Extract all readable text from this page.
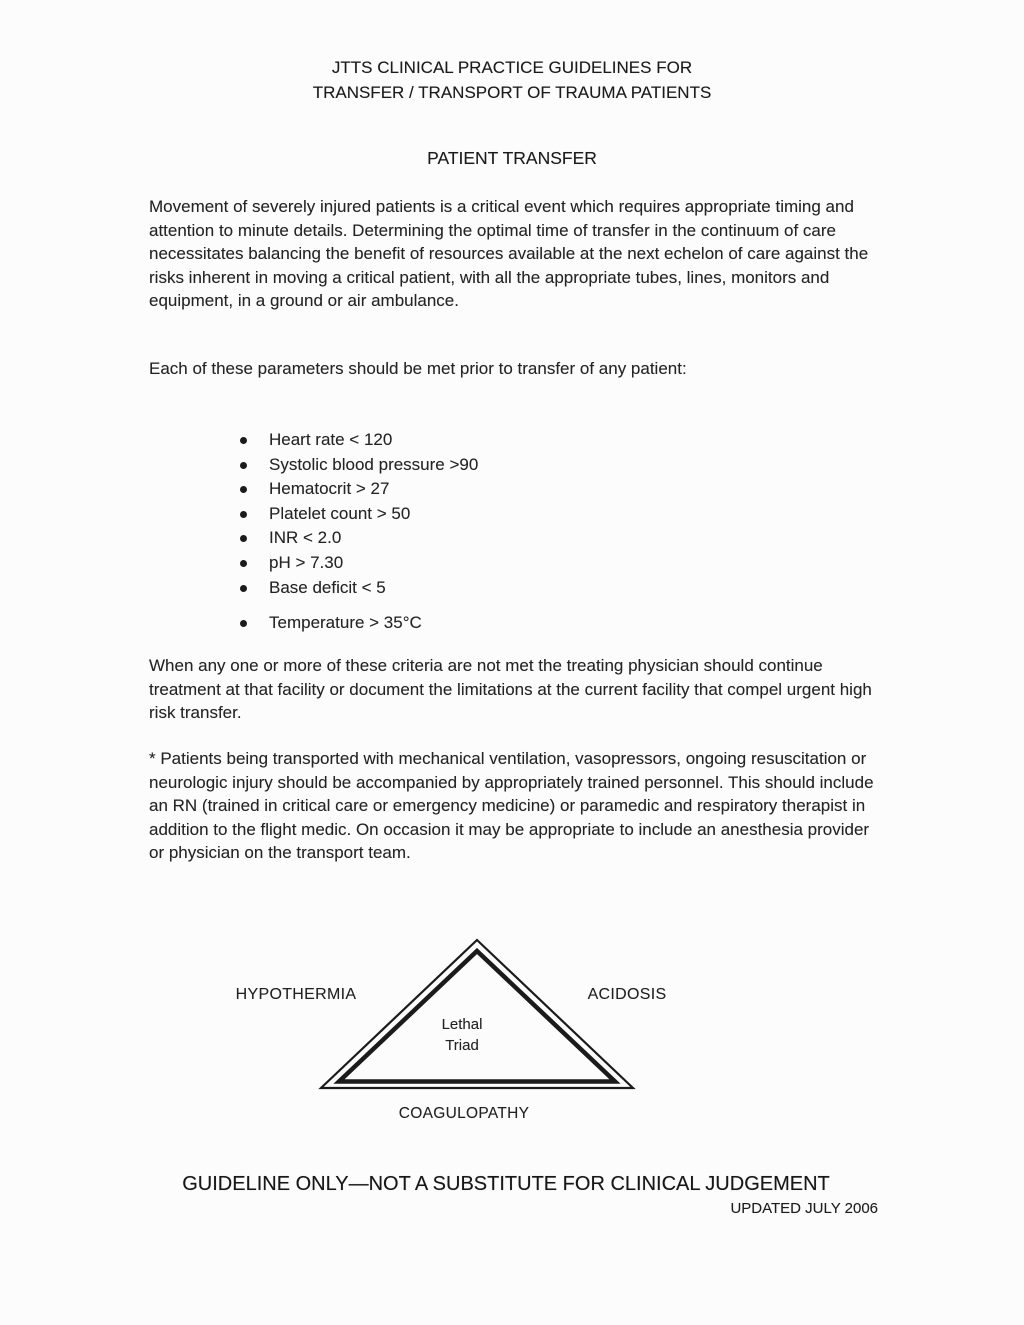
JTTS CLINICAL PRACTICE GUIDELINES FOR
TRANSFER / TRANSPORT OF TRAUMA PATIENTS
PATIENT TRANSFER

Movement of severely injured patients is a critical event which requires appropriate timing and attention to minute details. Determining the optimal time of transfer in the continuum of care necessitates balancing the benefit of resources available at the next echelon of care against the risks inherent in moving a critical patient, with all the appropriate tubes, lines, monitors and equipment, in a ground or air ambulance.

Each of these parameters should be met prior to transfer of any patient:

Heart rate < 120
Systolic blood pressure >90
Hematocrit > 27
Platelet count > 50
INR < 2.0
pH > 7.30
Base deficit < 5
Temperature > 35°C

When any one or more of these criteria are not met the treating physician should continue treatment at that facility or document the limitations at the current facility that compel urgent high risk transfer.

* Patients being transported with mechanical ventilation, vasopressors, ongoing resuscitation or neurologic injury should be accompanied by appropriately trained personnel. This should include an RN (trained in critical care or emergency medicine) or paramedic and respiratory therapist in addition to the flight medic. On occasion it may be appropriate to include an anesthesia provider or physician on the transport team.

HYPOTHERMIA	ACIDOSIS
Lethal
Triad
COAGULOPATHY
GUIDELINE ONLY—NOT A SUBSTITUTE FOR CLINICAL JUDGEMENT
UPDATED JULY 2006
